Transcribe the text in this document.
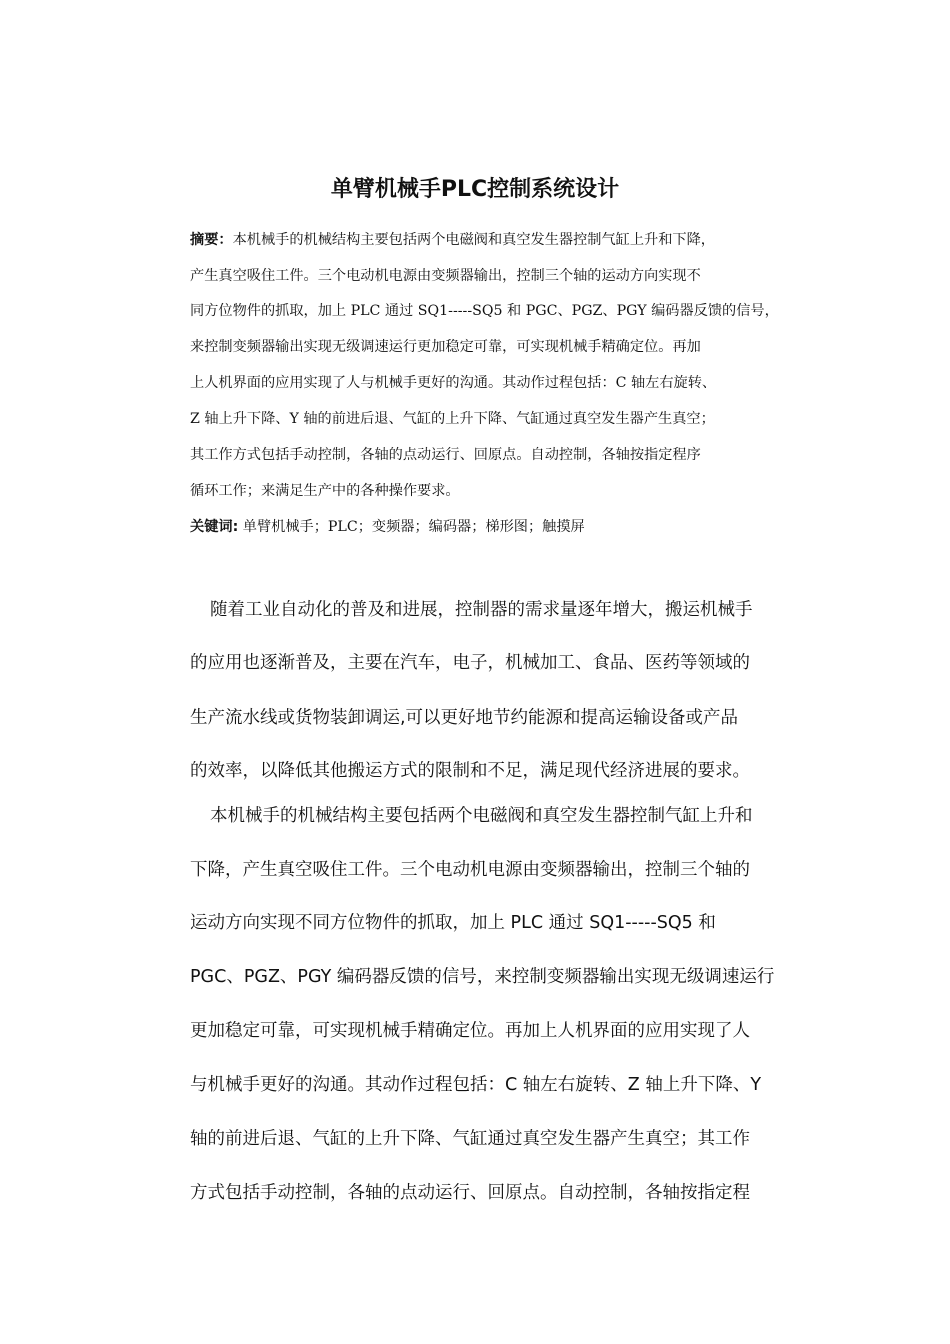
单臂机械手PLC控制系统设计
摘要：本机械手的机械结构主要包括两个电磁阀和真空发生器控制气缸上升和下降，
产生真空吸住工件。三个电动机电源由变频器输出，控制三个轴的运动方向实现不
同方位物件的抓取，加上 PLC 通过 SQ1-----SQ5 和 PGC、PGZ、PGY 编码器反馈的信号，
来控制变频器输出实现无级调速运行更加稳定可靠，可实现机械手精确定位。再加
上人机界面的应用实现了人与机械手更好的沟通。其动作过程包括：C 轴左右旋转、
Z 轴上升下降、Y 轴的前进后退、气缸的上升下降、气缸通过真空发生器产生真空；
其工作方式包括手动控制，各轴的点动运行、回原点。自动控制，各轴按指定程序
循环工作；来满足生产中的各种操作要求。
关键词: 单臂机械手；PLC；变频器；编码器；梯形图；触摸屏
随着工业自动化的普及和进展，控制器的需求量逐年增大，搬运机械手
的应用也逐渐普及，主要在汽车，电子，机械加工、食品、医药等领域的
生产流水线或货物装卸调运,可以更好地节约能源和提高运输设备或产品
的效率，以降低其他搬运方式的限制和不足，满足现代经济进展的要求。
本机械手的机械结构主要包括两个电磁阀和真空发生器控制气缸上升和
下降，产生真空吸住工件。三个电动机电源由变频器输出，控制三个轴的
运动方向实现不同方位物件的抓取，加上 PLC 通过 SQ1-----SQ5 和
PGC、PGZ、PGY 编码器反馈的信号，来控制变频器输出实现无级调速运行
更加稳定可靠，可实现机械手精确定位。再加上人机界面的应用实现了人
与机械手更好的沟通。其动作过程包括：C 轴左右旋转、Z 轴上升下降、Y
轴的前进后退、气缸的上升下降、气缸通过真空发生器产生真空；其工作
方式包括手动控制，各轴的点动运行、回原点。自动控制，各轴按指定程
